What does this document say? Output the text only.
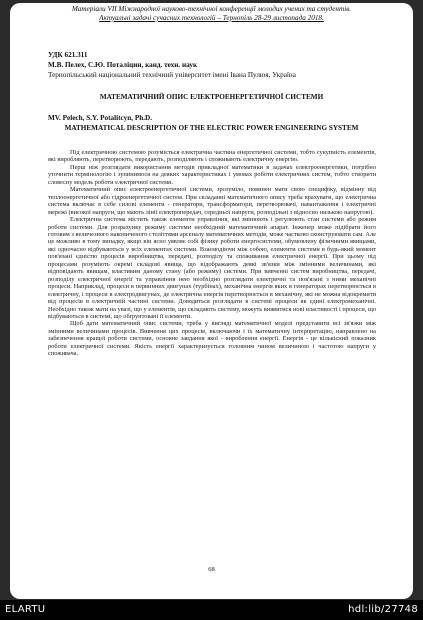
Матеріали VII Міжнародної науково-технічної конференції молодих учених та студентів.
Актуальні задачі сучасних технологій – Тернопіль 28-29 листопада 2018.
УДК 621.311
М.В. Пелех, С.Ю. Поталіцин, канд. техн. наук
Тернопільський національний технічний університет імені Івана Пулюя, Україна
МАТЕМАТИЧНИЙ ОПИС ЕЛЕКТРОЕНЕРГЕТИЧНОЇ СИСТЕМИ
MV. Pelech, S.Y. Potalitcyn, Ph.D.
MATHEMATICAL DESCRIPTION OF THE ELECTRIC POWER ENGINEERING SYSTEM

Під електричною системою розуміється електрична частина енергетичної системи, тобто сукупність елементів, які виробляють, перетворюють, передають, розподіляють і споживають електричну енергію.

Перш ніж розглядати використання методів прикладної математики в задачах електроенергетики, потрібно уточнити термінологію і зупинимося на деяких характеристиках і умовах роботи електричних систем, тобто створити словесну модель роботи електричної системи.

Математичний опис електроенергетичної системи, зрозуміло, повинен мати свою специфіку, відмінну від теплоенергетичної або гідроенергетичної систем. При складанні математичного опису треба врахувати, що електрична система включає в себе силові елементи - генератори, трансформатори, перетворювачі, навантаження і електричні мережі (високої напруги, що мають лінії електропередач, середньої напруги, розподільні з відносно низькою напругою).

Електрична система містить також елементи управління, які змінюють і регулюють стан системи або режим роботи системи. Для розрахунку режиму системи необхідний математичний апарат. Інженер може підібрати його готовим з величезного накопиченого століттями арсеналу математичних методів, може частково сконструювати сам. Але це можливо в тому випадку, якщо він ясно уявляє собі фізику роботи енергосистеми, обумовлену фізичними явищами, які одночасно відбуваються у всіх елементах системи. Взаємодіючи між собою, елементи системи в будь-який момент пов'язані єдністю процесів виробництва, передачі, розподілу та споживання електричної енергії. При цьому під процесами розуміють окремі складові явища, що відображають деякі зв'язки між змінними величинами, які відповідають явищам, властивим даному стану (або режиму) системи. При вивченні систем виробництва, передачі, розподілу електричної енергії та управління нею необхідно розглядати електричні та пов'язані з ними механічні процеси. Наприклад, процеси в первинних двигунах (турбінах), механічна енергія яких в генераторах перетворюється в електричну, і процеси в електродвигунах, де електрична енергія перетворюється в механічну, які не можна відокремити від процесів в електричній частині системи. Доводиться розглядати в системі процеси як єдині електромеханічні. Необхідно також мати на увазі, що у елементів, що складають систему, можуть виявитися нові властивості і процеси, що відбуваються в системі, що обґрунтовані її елементи.

Щоб дати математичний опис системи, треба у вигляді математичної моделі представити всі зв'язки між змінними величинами процесів. Вивчення цих процесів, включаючи і їх математичну інтерпретацію, направлено на забезпечення кращої роботи системи, основне завдання якої - вироблення енергії. Енергія - це кількісний показник роботи електричної системи. Якість енергії характеризується головним чином величиною і частотою напруги у споживача.

68
ELARTU	hdl:lib/27748
